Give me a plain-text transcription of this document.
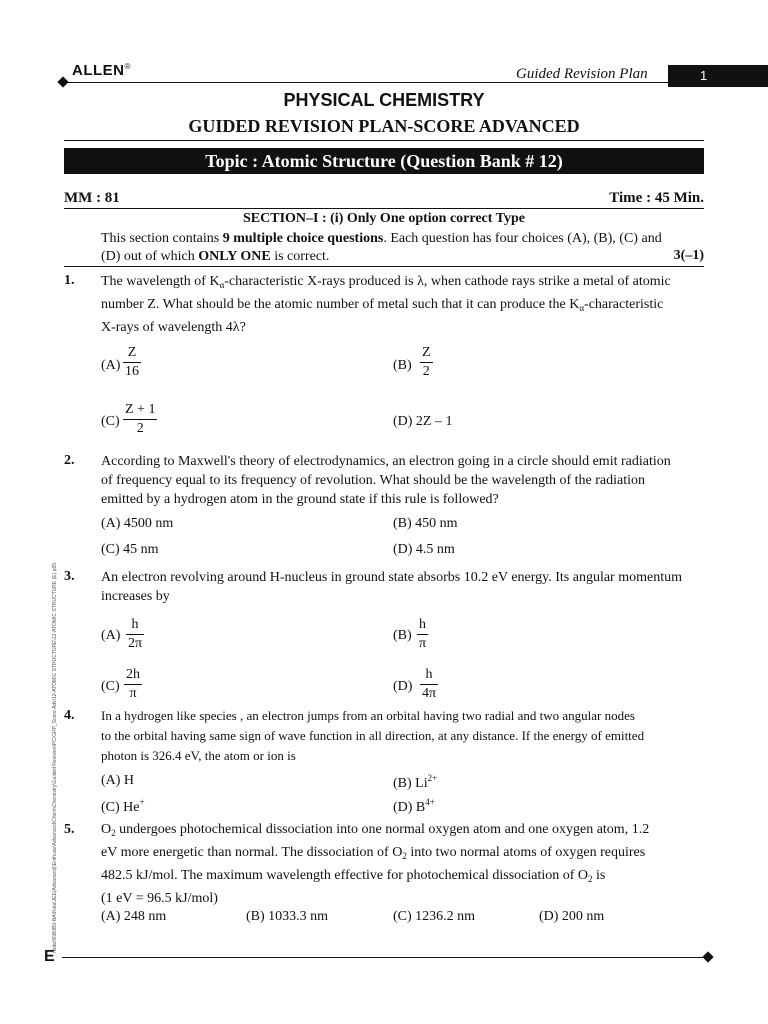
ALLEN®	Guided Revision Plan	1
PHYSICAL CHEMISTRY
GUIDED REVISION PLAN-SCORE ADVANCED
Topic : Atomic Structure (Question Bank # 12)
MM : 81	Time : 45 Min.
SECTION–I : (i) Only One option correct Type
This section contains 9 multiple choice questions. Each question has four choices (A), (B), (C) and
(D) out of which ONLY ONE is correct.	3(–1)
1. The wavelength of $K_\alpha$-characteristic X-rays produced is λ, when cathode rays strike a metal of atomic
number Z. What should be the atomic number of metal such that it can produce the $K_\alpha$-characteristic
X-rays of wavelength 4λ?
$(A) \frac{Z}{16}$	$(B) \frac{Z}{2}$
$(C) \frac{Z + 1}{2}$	(D) 2Z – 1
2. According to Maxwell's theory of electrodynamics, an electron going in a circle should emit radiation
of frequency equal to its frequency of revolution. What should be the wavelength of the radiation
emitted by a hydrogen atom in the ground state if this rule is followed?
(A) 4500 nm	(B) 450 nm
(C) 45 nm	(D) 4.5 nm
3. An electron revolving around H-nucleus in ground state absorbs 10.2 eV energy. Its angular momentum
increases by
$(A) \frac{h}{2\pi}$	$(B) \frac{h}{\pi}$
$(C) \frac{2h}{\pi}$	$(D) \frac{h}{4\pi}$
4. In a hydrogen like species , an electron jumps from an orbital having two radial and two angular nodes
to the orbital having same sign of wave function in all direction, at any distance. If the energy of emitted
photon is 326.4 eV, the atom or ion is
(A) H	(B) $Li^{2+}$
(C) He+	(D) $B^{4+}$
5. $O_2$ undergoes photochemical dissociation into one normal oxygen atom and one oxygen atom, 1.2
eV more energetic than normal. The dissociation of $O_2$ into two normal atoms of oxygen requires
482.5 kJ/mol. The maximum wavelength effective for photochemical dissociation of $O_2$ is
(1 eV = 96.5 kJ/mol)
(A) 248 nm	(B) 1033.3 nm	(C) 1236.2 nm	(D) 200 nm
node06\B0B0-BA\Kota\JEE(Advanced)\Enthuse\Advanced\Chem\Chemistry\Guided Revision\PC\GRP_Score Adv\12-ATOMIC STRUCTURE\12-ATOMIC STRUCTURE (E).p65
E
